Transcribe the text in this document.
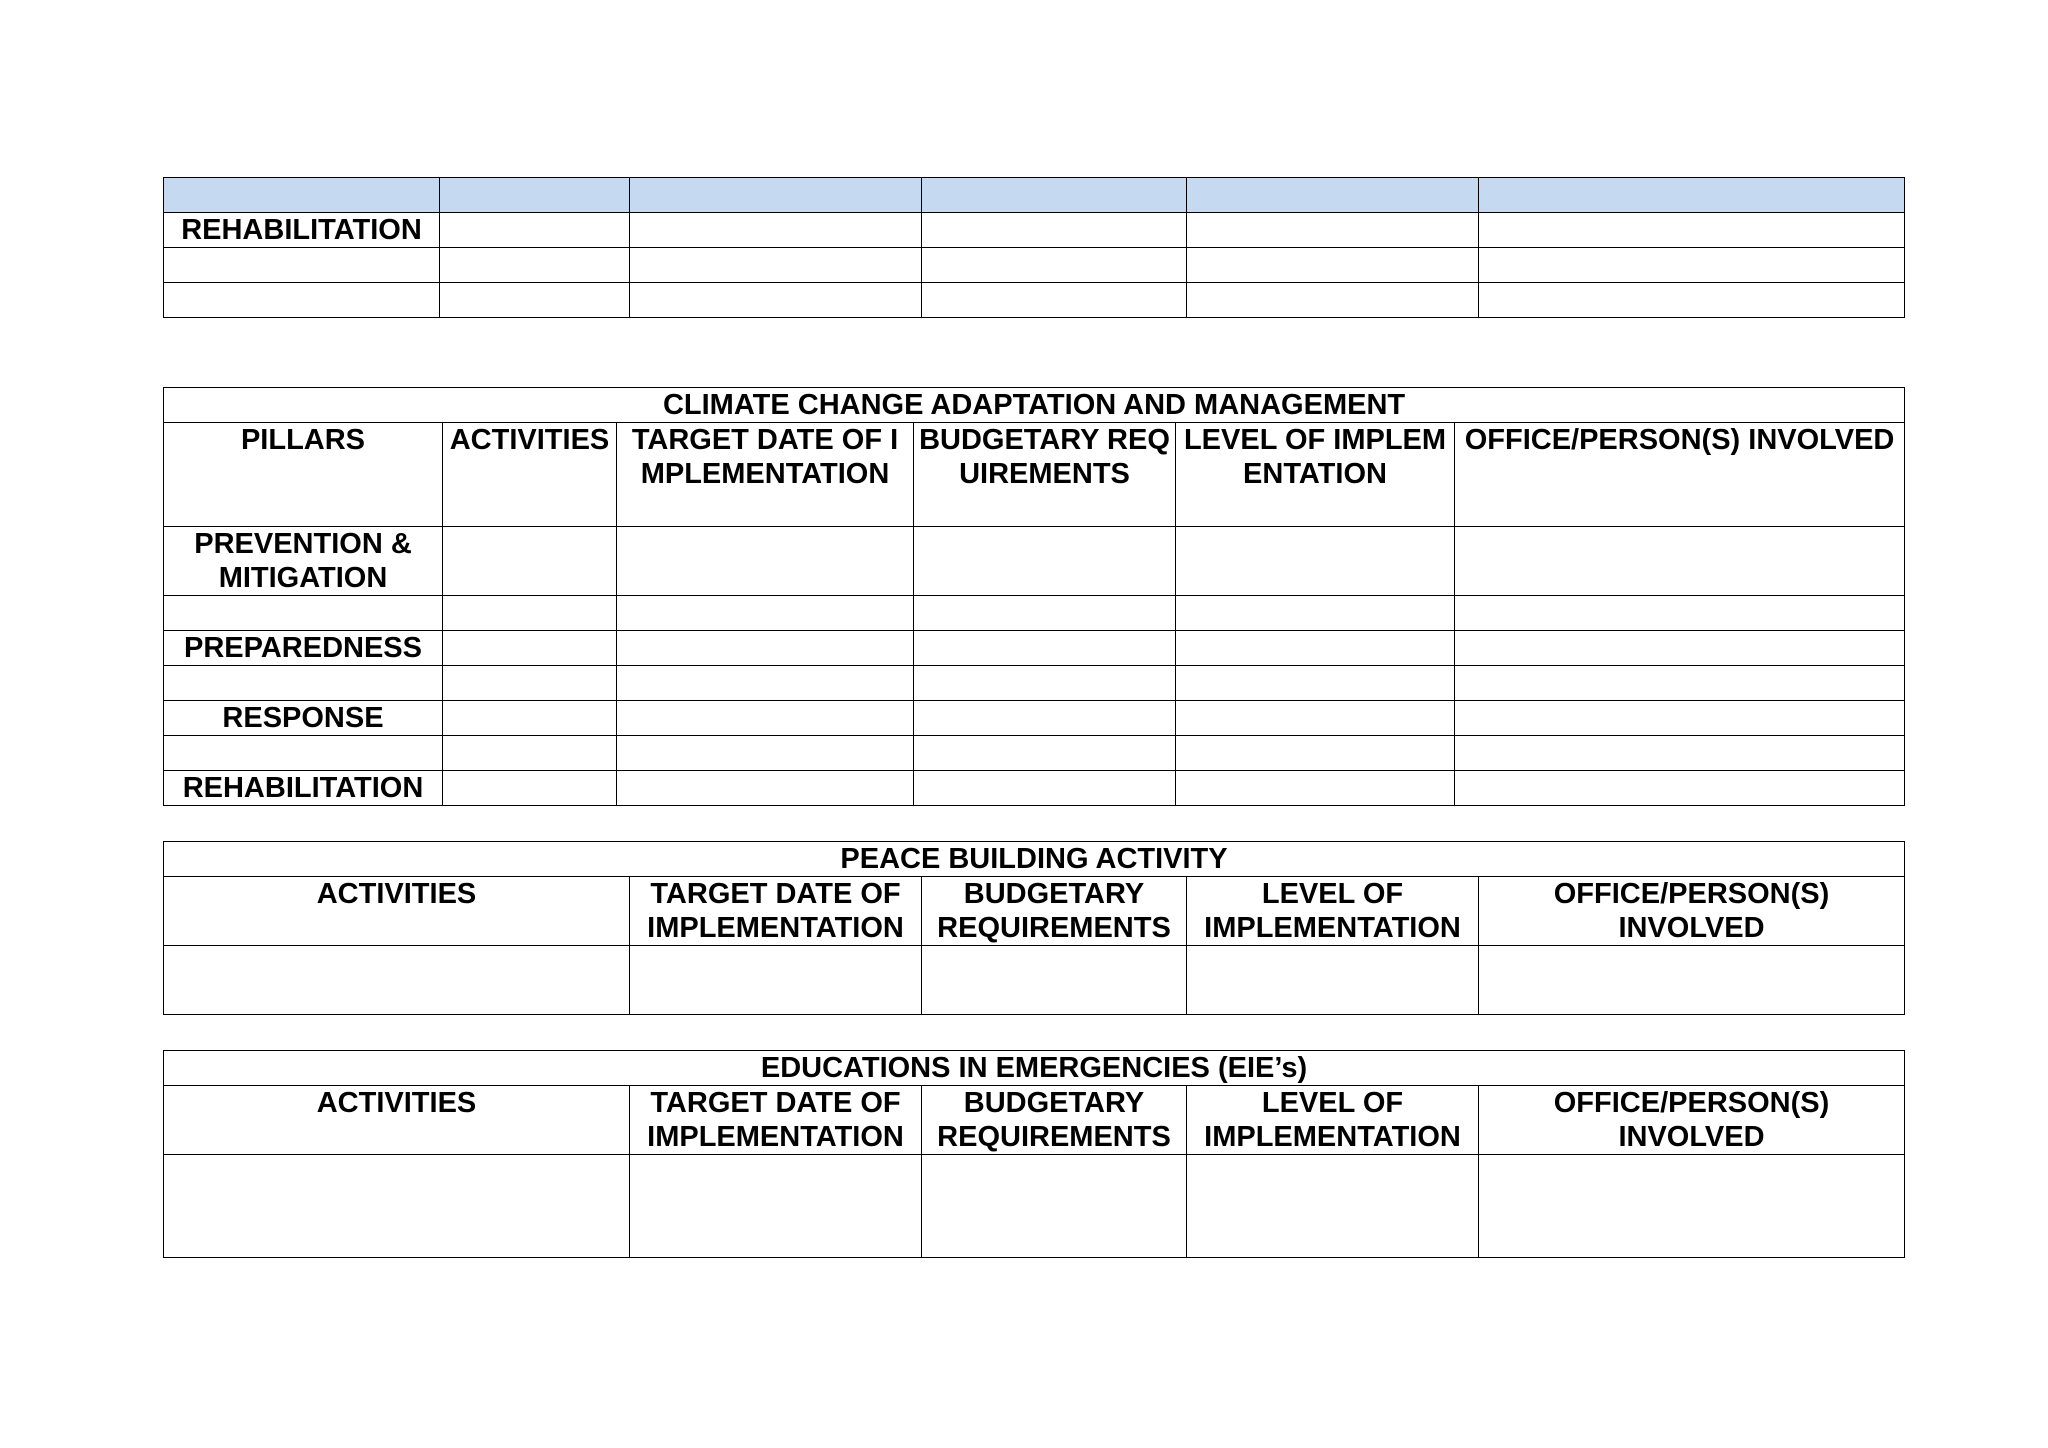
REHABILITATION					

CLIMATE CHANGE ADAPTATION AND MANAGEMENT					
PILLARS	ACTIVITIES	TARGET DATE OF IMPLEMENTATION	BUDGETARY REQUIREMENTS	LEVEL OF IMPLEMENTATION	OFFICE/PERSON(S) INVOLVED
PREVENTION & MITIGATION					

PREPAREDNESS					

RESPONSE					

REHABILITATION					
PEACE BUILDING ACTIVITY				
ACTIVITIES	TARGET DATE OF IMPLEMENTATION	BUDGETARY REQUIREMENTS	LEVEL OF IMPLEMENTATION	OFFICE/PERSON(S) INVOLVED

EDUCATIONS IN EMERGENCIES (EIE’s)				
ACTIVITIES	TARGET DATE OF IMPLEMENTATION	BUDGETARY REQUIREMENTS	LEVEL OF IMPLEMENTATION	OFFICE/PERSON(S) INVOLVED
